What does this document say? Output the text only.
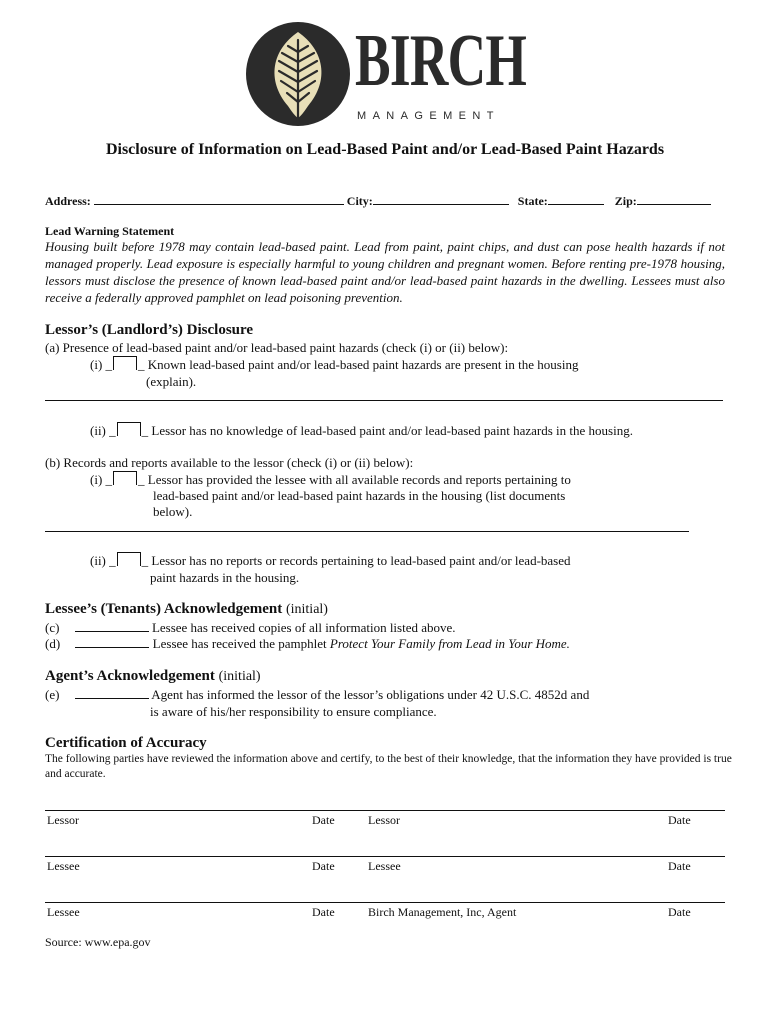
BIRCH
MANAGEMENT
Disclosure of Information on Lead-Based Paint and/or Lead-Based Paint Hazards
Address:	City:	State:	Zip:
Lead Warning Statement
Housing built before 1978 may contain lead-based paint. Lead from paint, paint chips, and dust can pose health hazards if not managed properly. Lead exposure is especially harmful to young children and pregnant women. Before renting pre-1978 housing, lessors must disclose the presence of known lead-based paint and/or lead-based paint hazards in the dwelling. Lessees must also receive a federally approved pamphlet on lead poisoning prevention.
Lessor’s (Landlord’s) Disclosure
(a) Presence of lead-based paint and/or lead-based paint hazards (check (i) or (ii) below):
(i) _ _ Known lead-based paint and/or lead-based paint hazards are present in the housing
(explain).
(ii) _ _ Lessor has no knowledge of lead-based paint and/or lead-based paint hazards in the housing.
(b) Records and reports available to the lessor (check (i) or (ii) below):
(i) _ _ Lessor has provided the lessee with all available records and reports pertaining to
lead-based paint and/or lead-based paint hazards in the housing (list documents
below).
(ii) _ _ Lessor has no reports or records pertaining to lead-based paint and/or lead-based
paint hazards in the housing.
Lessee’s (Tenants) Acknowledgement (initial)
(c)	Lessee has received copies of all information listed above.
(d)	Lessee has received the pamphlet Protect Your Family from Lead in Your Home.
Agent’s Acknowledgement (initial)
(e)	Agent has informed the lessor of the lessor’s obligations under 42 U.S.C. 4852d and
is aware of his/her responsibility to ensure compliance.
Certification of Accuracy
The following parties have reviewed the information above and certify, to the best of their knowledge, that the information they have provided is true and accurate.
Lessor	Date	Lessor	Date
Lessee	Date	Lessee	Date
Lessee	Date	Birch Management, Inc, Agent	Date
Source: www.epa.gov
